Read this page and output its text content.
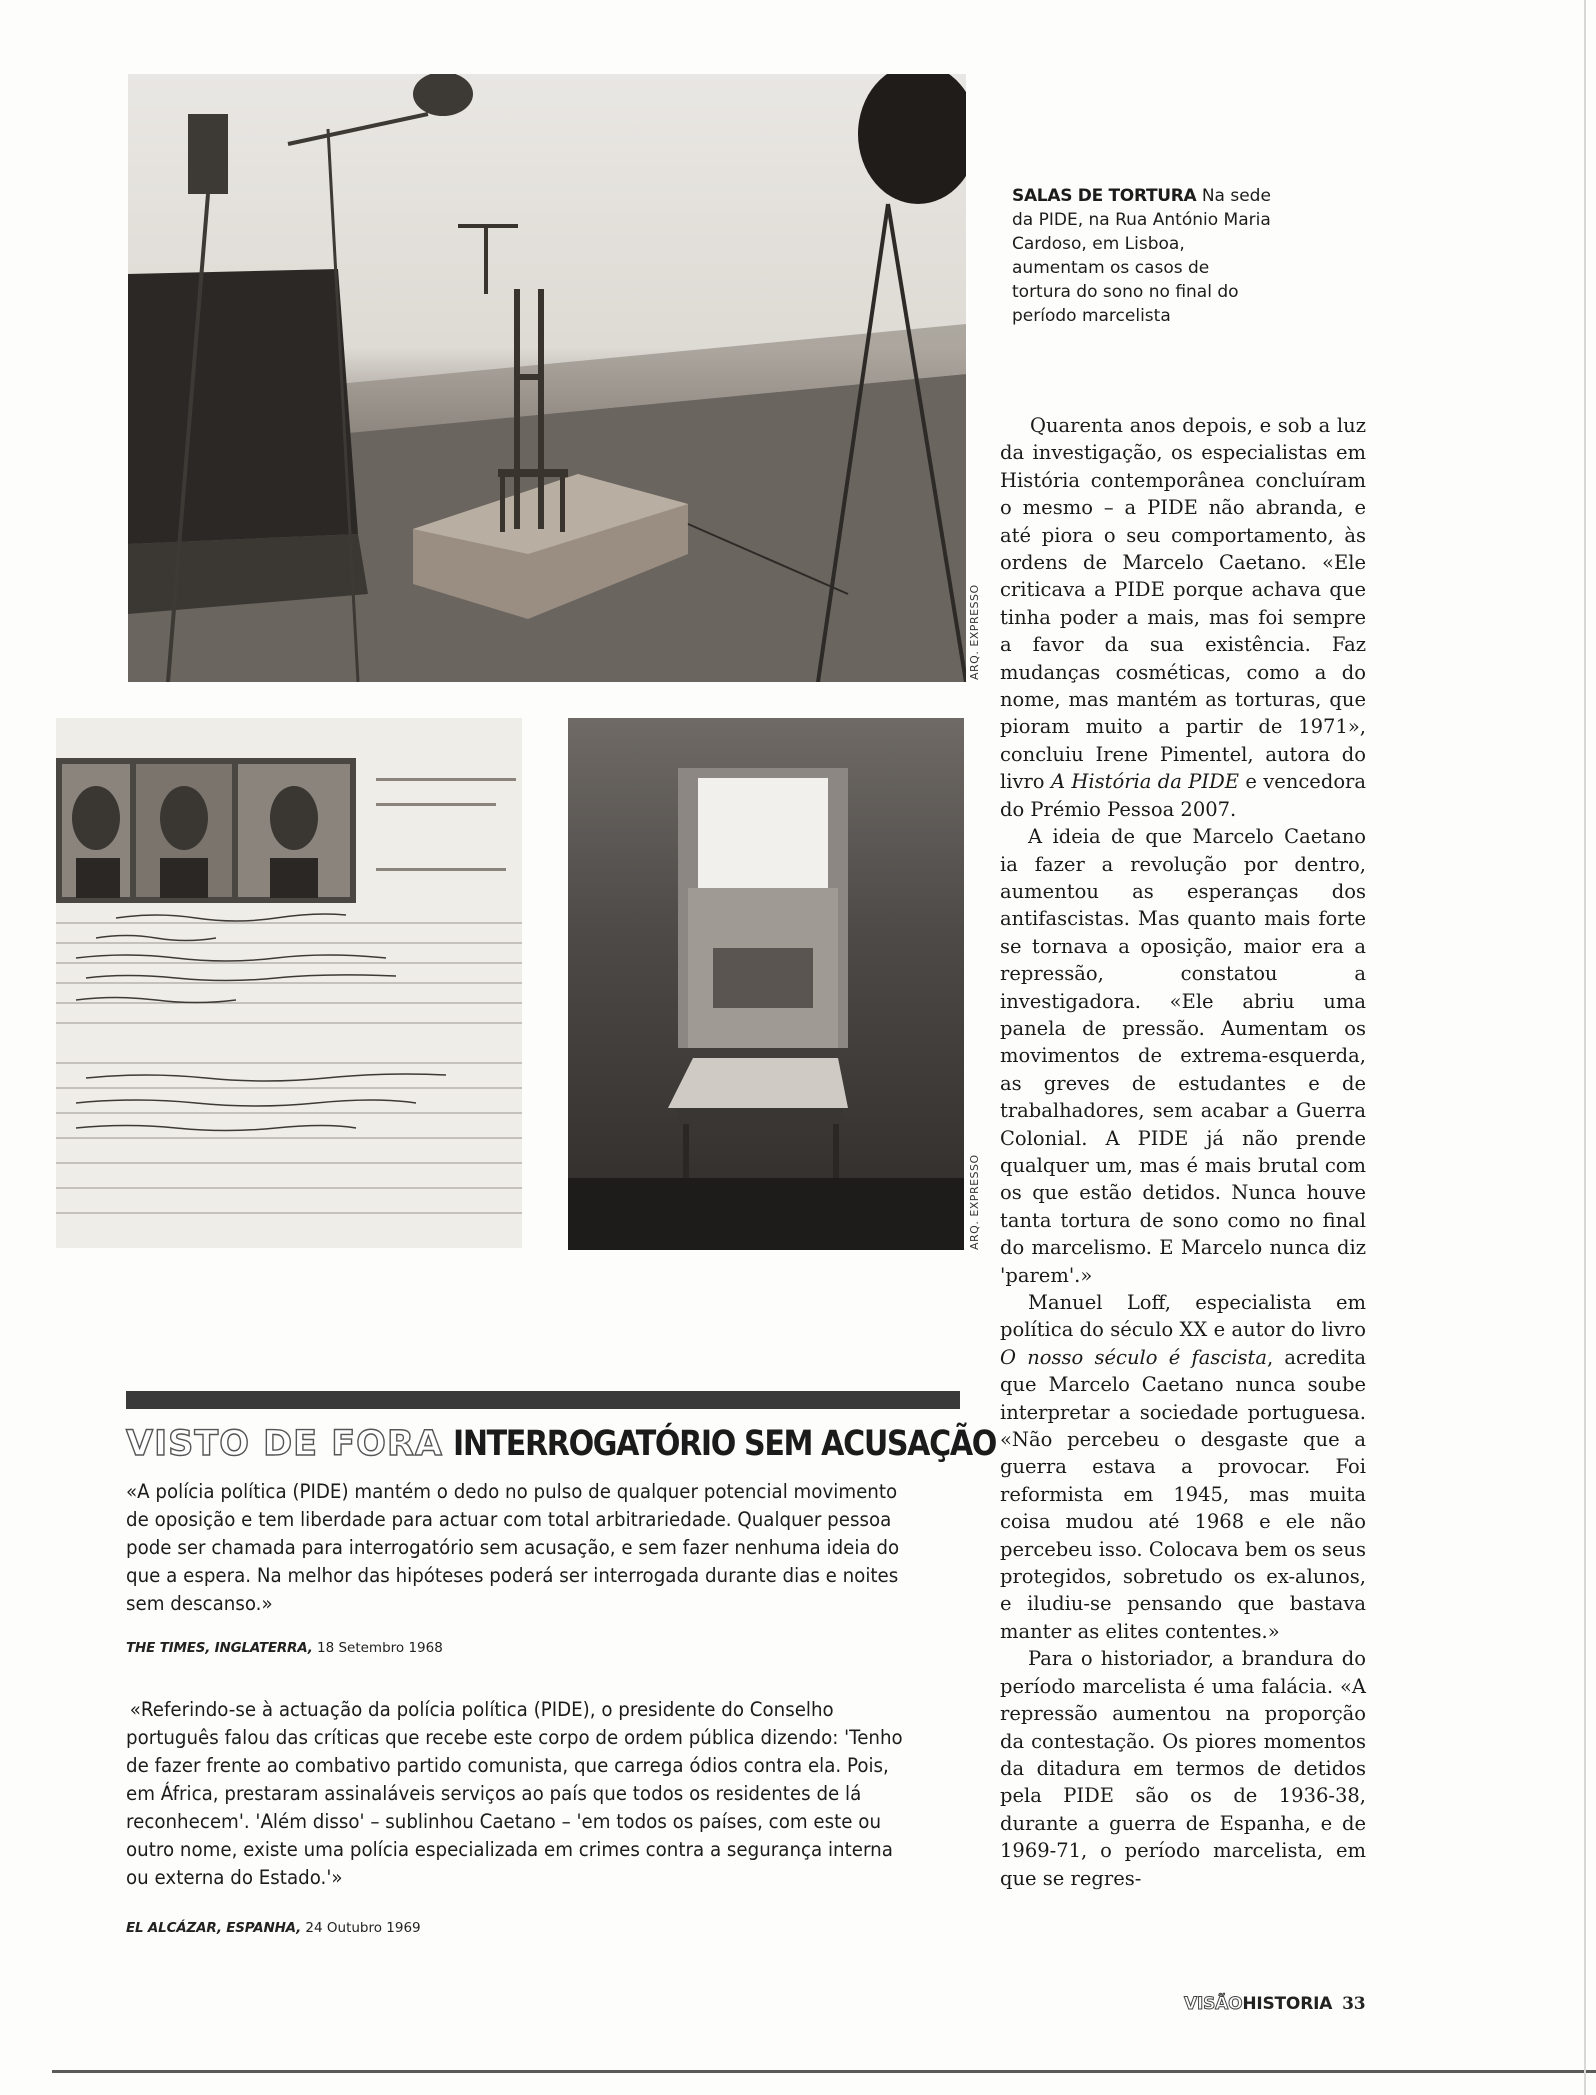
ARQ. EXPRESSO
ARQ. EXPRESSO
SALAS DE TORTURA Na sede da PIDE, na Rua António Maria Cardoso, em Lisboa, aumentam os casos de tortura do sono no final do período marcelista

Quarenta anos depois, e sob a luz da investigação, os especialistas em História contemporânea concluíram o mesmo – a PIDE não abranda, e até piora o seu comportamento, às ordens de Marcelo Caetano. «Ele criticava a PIDE porque achava que tinha poder a mais, mas foi sempre a favor da sua existência. Faz mudanças cosméticas, como a do nome, mas mantém as torturas, que pioram muito a partir de 1971», concluiu Irene Pimentel, autora do livro A História da PIDE e vencedora do Prémio Pessoa 2007.

A ideia de que Marcelo Caetano ia fazer a revolução por dentro, aumentou as esperanças dos antifascistas. Mas quanto mais forte se tornava a oposição, maior era a repressão, constatou a investigadora. «Ele abriu uma panela de pressão. Aumentam os movimentos de extrema-esquerda, as greves de estudantes e de trabalhadores, sem acabar a Guerra Colonial. A PIDE já não prende qualquer um, mas é mais brutal com os que estão detidos. Nunca houve tanta tortura de sono como no final do marcelismo. E Marcelo nunca diz 'parem'.»

Manuel Loff, especialista em política do século XX e autor do livro O nosso século é fascista, acredita que Marcelo Caetano nunca soube interpretar a sociedade portuguesa. «Não percebeu o desgaste que a guerra estava a provocar. Foi reformista em 1945, mas muita coisa mudou até 1968 e ele não percebeu isso. Colocava bem os seus protegidos, sobretudo os ex-alunos, e iludiu-se pensando que bastava manter as elites contentes.»

Para o historiador, a brandura do período marcelista é uma falácia. «A repressão aumentou na proporção da contestação. Os piores momentos da ditadura em termos de detidos pela PIDE são os de 1936-38, durante a guerra de Espanha, e de 1969-71, o período marcelista, em que se regres-

VISTO DE FORA INTERROGATÓRIO SEM ACUSAÇÃO
«A polícia política (PIDE) mantém o dedo no pulso de qualquer potencial movimento de oposição e tem liberdade para actuar com total arbitrariedade. Qualquer pessoa pode ser chamada para interrogatório sem acusação, e sem fazer nenhuma ideia do que a espera. Na melhor das hipóteses poderá ser interrogada durante dias e noites sem descanso.»
THE TIMES, INGLATERRA, 18 Setembro 1968
«Referindo-se à actuação da polícia política (PIDE), o presidente do Conselho português falou das críticas que recebe este corpo de ordem pública dizendo: 'Tenho de fazer frente ao combativo partido comunista, que carrega ódios contra ela. Pois, em África, prestaram assinaláveis serviços ao país que todos os residentes de lá reconhecem'. 'Além disso' – sublinhou Caetano – 'em todos os países, com este ou outro nome, existe uma polícia especializada em crimes contra a segurança interna ou externa do Estado.'»
EL ALCÁZAR, ESPANHA, 24 Outubro 1969
VISÃOHISTORIA 33
